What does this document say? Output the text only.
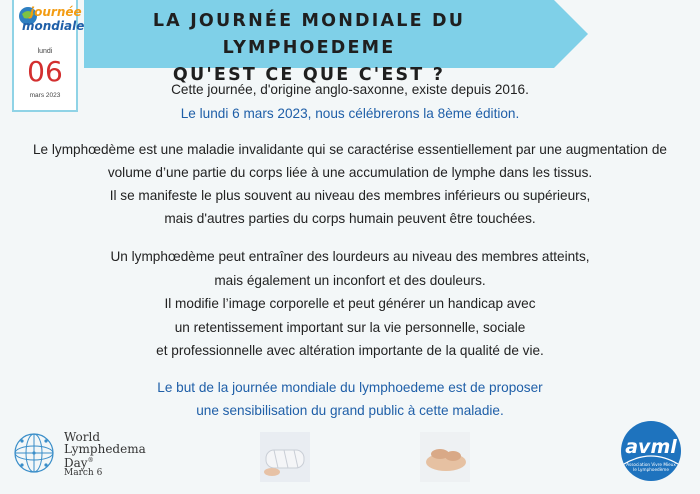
LA JOURNÉE MONDIALE DU LYMPHOEDEME
QU'EST CE QUE C'EST ?
journée
mondiale
lundi
06
mars 2023	Cette journée, d'origine anglo-saxonne, existe depuis 2016.

Le lundi 6 mars 2023, nous célébrerons la 8ème édition.

Le lymphœdème est une maladie invalidante qui se caractérise essentiellement par une augmentation de

volume d’une partie du corps liée à une accumulation de lymphe dans les tissus.

Il se manifeste le plus souvent au niveau des membres inférieurs ou supérieurs,

mais d'autres parties du corps humain peuvent être touchées.

Un lymphœdème peut entraîner des lourdeurs au niveau des membres atteints,

mais également un inconfort et des douleurs.

Il modifie l’image corporelle et peut générer un handicap avec

un retentissement important sur la vie personnelle, sociale

et professionnelle avec altération importante de la qualité de vie.

Le but de la journée mondiale du lymphoedeme est de proposer

une sensibilisation du grand public à cette maladie.

World
Lymphedema
Day®
March 6
avml
Association Vivre Mieux
le Lymphoedème
